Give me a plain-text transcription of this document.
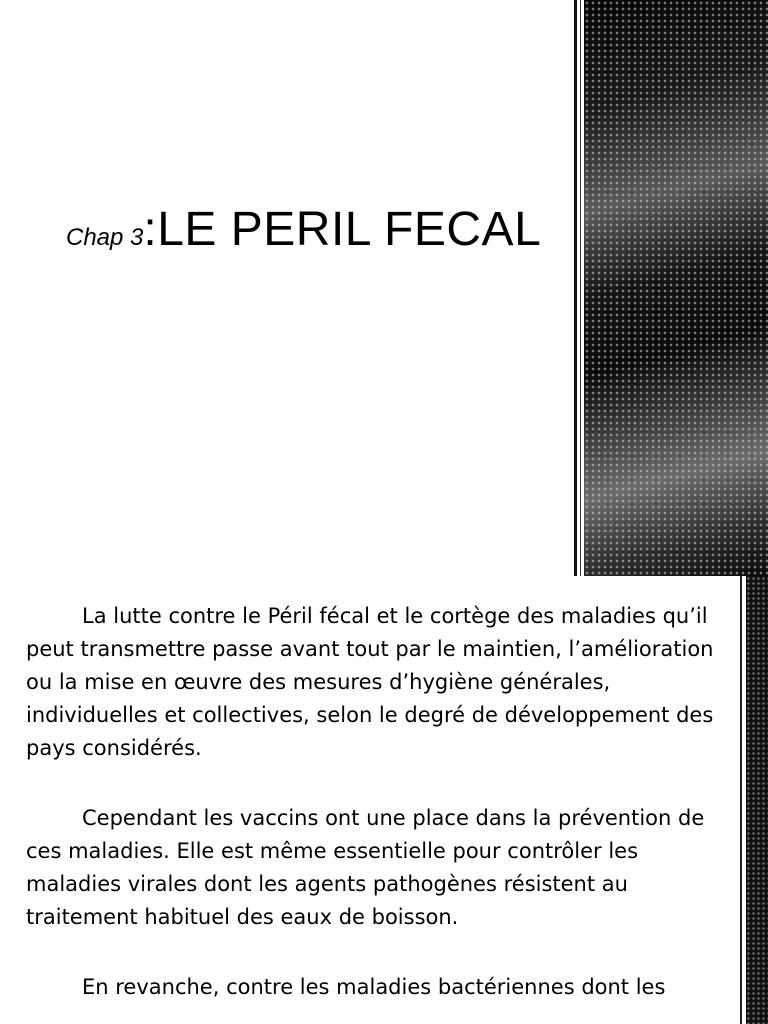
Chap 3:LE PERIL FECAL

La lutte contre le Péril fécal et le cortège des maladies qu’il peut transmettre passe avant tout par le maintien, l’amélioration ou la mise en œuvre des mesures d’hygiène générales, individuelles et collectives, selon le degré de développement des pays considérés.

Cependant les vaccins ont une place dans la prévention de ces maladies. Elle est même essentielle pour contrôler les maladies virales dont les agents pathogènes résistent au traitement habituel des eaux de boisson.

En revanche, contre les maladies bactériennes dont les
